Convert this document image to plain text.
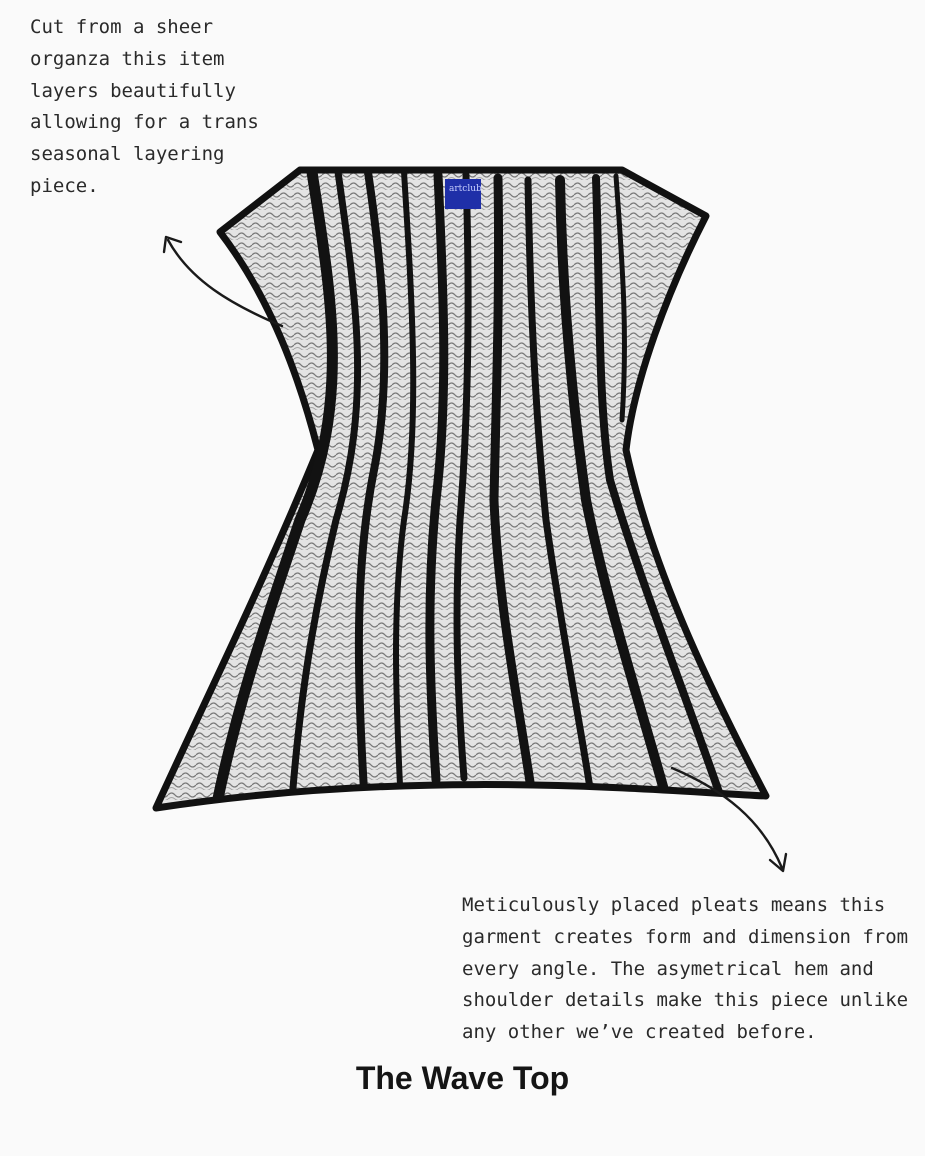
Cut from a sheer
organza this item
layers beautifully
allowing for a trans
seasonal layering
piece.	artclub

Meticulously placed pleats means this
garment creates form and dimension from
every angle. The asymetrical hem and
shoulder details make this piece unlike
any other we’ve created before.

The Wave Top
